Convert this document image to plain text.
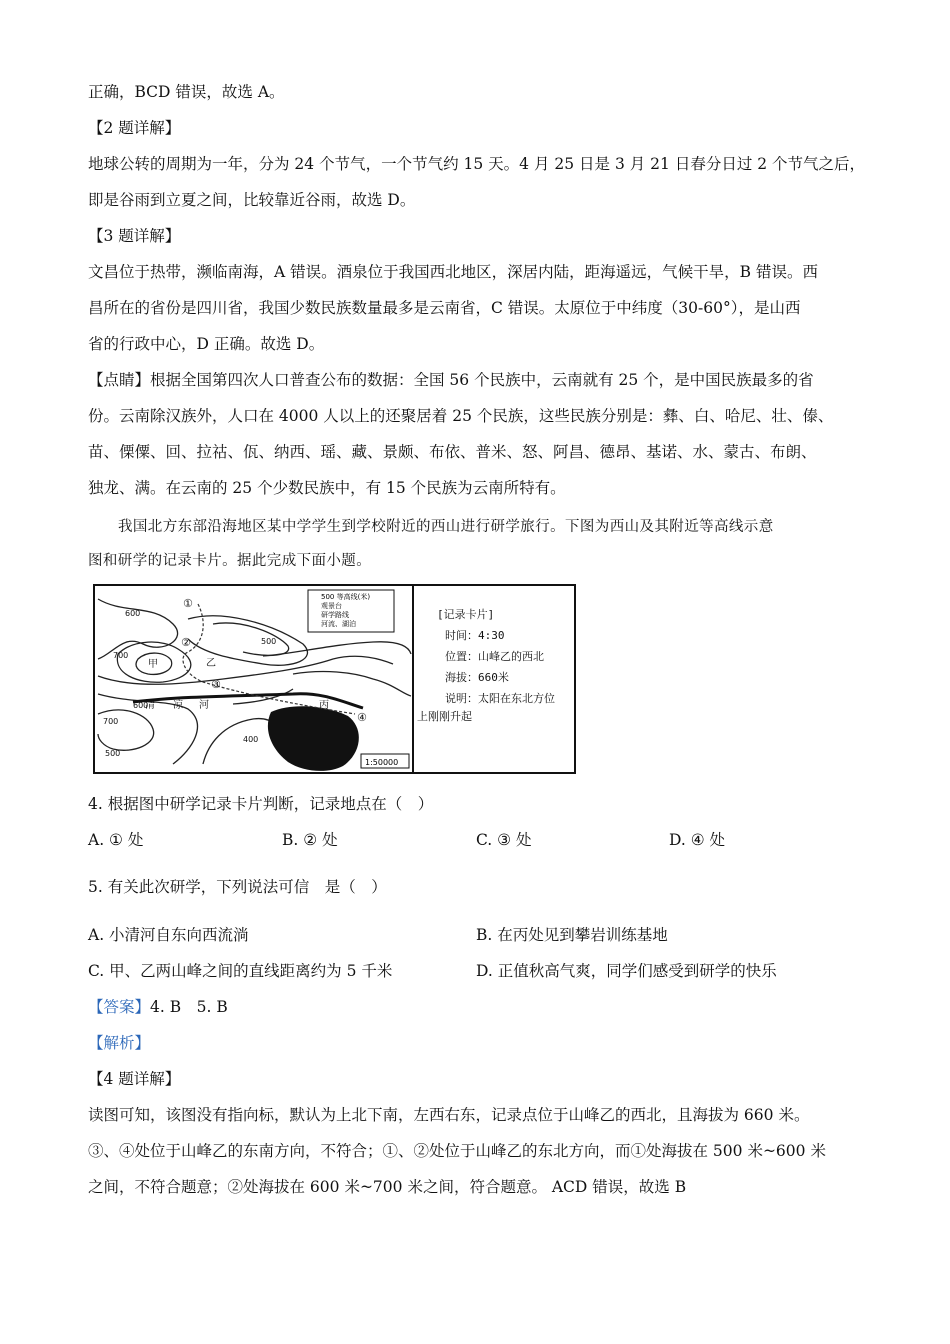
正确，BCD 错误，故选 A。
【2 题详解】
地球公转的周期为一年，分为 24 个节气，一个节气约 15 天。4 月 25 日是 3 月 21 日春分日过 2 个节气之后，
即是谷雨到立夏之间，比较靠近谷雨，故选 D。
【3 题详解】
文昌位于热带，濒临南海，A 错误。酒泉位于我国西北地区，深居内陆，距海遥远，气候干旱，B 错误。西
昌所在的省份是四川省，我国少数民族数量最多是云南省，C 错误。太原位于中纬度（30-60°），是山西
省的行政中心，D 正确。故选 D。
【点睛】根据全国第四次人口普查公布的数据：全国 56 个民族中，云南就有 25 个，是中国民族最多的省
份。云南除汉族外，人口在 4000 人以上的还聚居着 25 个民族，这些民族分别是：彝、白、哈尼、壮、傣、
苗、傈僳、回、拉祜、佤、纳西、瑶、藏、景颇、布依、普米、怒、阿昌、德昂、基诺、水、蒙古、布朗、
独龙、满。在云南的 25 个少数民族中，有 15 个民族为云南所特有。
我国北方东部沿海地区某中学学生到学校附近的西山进行研学旅行。下图为西山及其附近等高线示意
图和研学的记录卡片。据此完成下面小题。
500 等高线(米)
观景台
研学路线
河流、湖泊
600
700
500
400
700
600
500
①
②
③
④
甲	乙
丙
清 凉 河
1:50000
[记录卡片]
时间：4:30
位置：山峰乙的西北
海拔：660米
说明：太阳在东北方位
上刚刚升起
4. 根据图中研学记录卡片判断，记录地点在（　）
A. ① 处	B. ② 处	C. ③ 处	D. ④ 处
5. 有关此次研学，下列说法可信　是（　）
A. 小清河自东向西流淌	B. 在丙处见到攀岩训练基地
C. 甲、乙两山峰之间的直线距离约为 5 千米	D. 正值秋高气爽，同学们感受到研学的快乐
【答案】4. B　5. B
【解析】
【4 题详解】
读图可知，该图没有指向标，默认为上北下南，左西右东，记录点位于山峰乙的西北，且海拔为 660 米。
③、④处位于山峰乙的东南方向，不符合；①、②处位于山峰乙的东北方向，而①处海拔在 500 米~600 米
之间，不符合题意；②处海拔在 600 米~700 米之间，符合题意。 ACD 错误，故选 B
